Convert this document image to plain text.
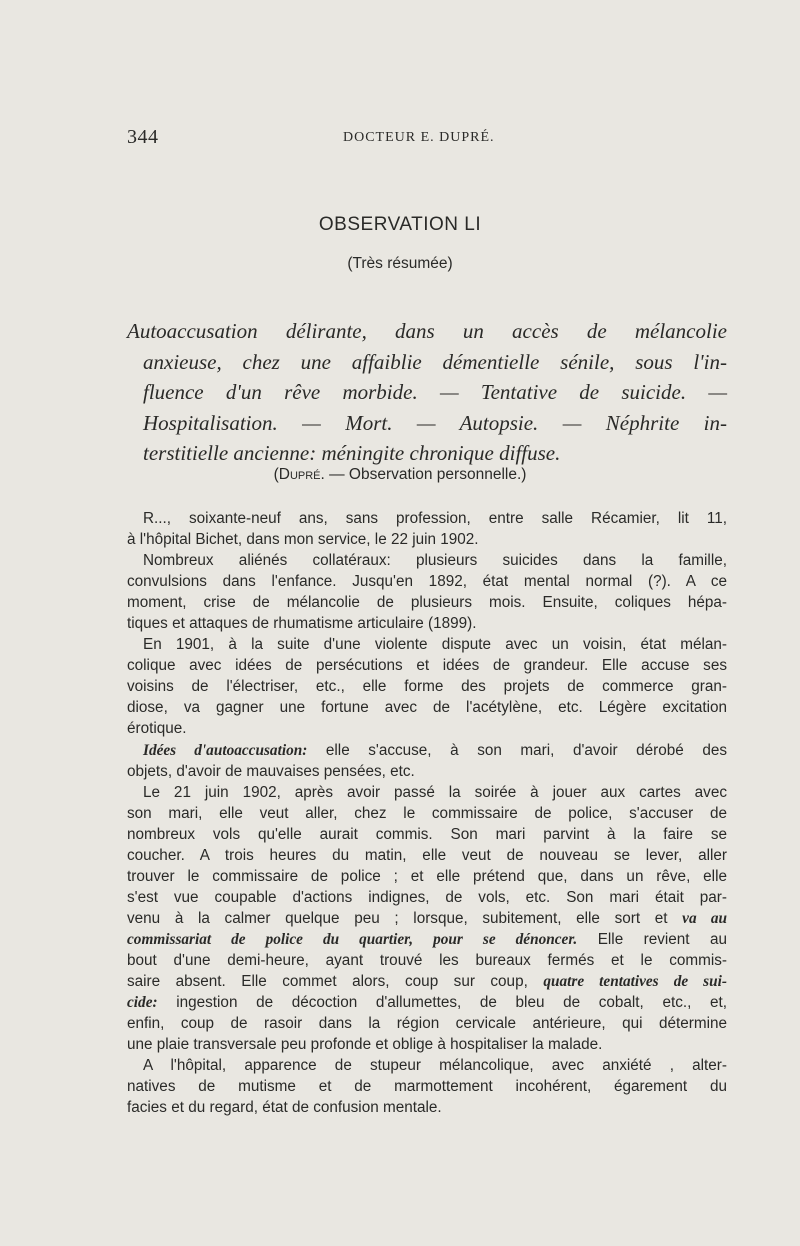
344	DOCTEUR E. DUPRÉ.
OBSERVATION LI
(Très résumée)
Autoaccusation délirante, dans un accès de mélancolie
anxieuse, chez une affaiblie démentielle sénile, sous l'in-
fluence d'un rêve morbide. — Tentative de suicide. —
Hospitalisation. — Mort. — Autopsie. — Néphrite in-
terstitielle ancienne: méningite chronique diffuse.
(Dupré. — Observation personnelle.)
R..., soixante-neuf ans, sans profession, entre salle Récamier, lit 11,
à l'hôpital Bichet, dans mon service, le 22 juin 1902.
Nombreux aliénés collatéraux: plusieurs suicides dans la famille,
convulsions dans l'enfance. Jusqu'en 1892, état mental normal (?). A ce
moment, crise de mélancolie de plusieurs mois. Ensuite, coliques hépa-
tiques et attaques de rhumatisme articulaire (1899).
En 1901, à la suite d'une violente dispute avec un voisin, état mélan-
colique avec idées de persécutions et idées de grandeur. Elle accuse ses
voisins de l'électriser, etc., elle forme des projets de commerce gran-
diose, va gagner une fortune avec de l'acétylène, etc. Légère excitation
érotique.
Idées d'autoaccusation: elle s'accuse, à son mari, d'avoir dérobé des
objets, d'avoir de mauvaises pensées, etc.
Le 21 juin 1902, après avoir passé la soirée à jouer aux cartes avec
son mari, elle veut aller, chez le commissaire de police, s'accuser de
nombreux vols qu'elle aurait commis. Son mari parvint à la faire se
coucher. A trois heures du matin, elle veut de nouveau se lever, aller
trouver le commissaire de police ; et elle prétend que, dans un rêve, elle
s'est vue coupable d'actions indignes, de vols, etc. Son mari était par-
venu à la calmer quelque peu ; lorsque, subitement, elle sort et va au
commissariat de police du quartier, pour se dénoncer. Elle revient au
bout d'une demi-heure, ayant trouvé les bureaux fermés et le commis-
saire absent. Elle commet alors, coup sur coup, quatre tentatives de sui-
cide: ingestion de décoction d'allumettes, de bleu de cobalt, etc., et,
enfin, coup de rasoir dans la région cervicale antérieure, qui détermine
une plaie transversale peu profonde et oblige à hospitaliser la malade.
A l'hôpital, apparence de stupeur mélancolique, avec anxiété , alter-
natives de mutisme et de marmottement incohérent, égarement du
facies et du regard, état de confusion mentale.
